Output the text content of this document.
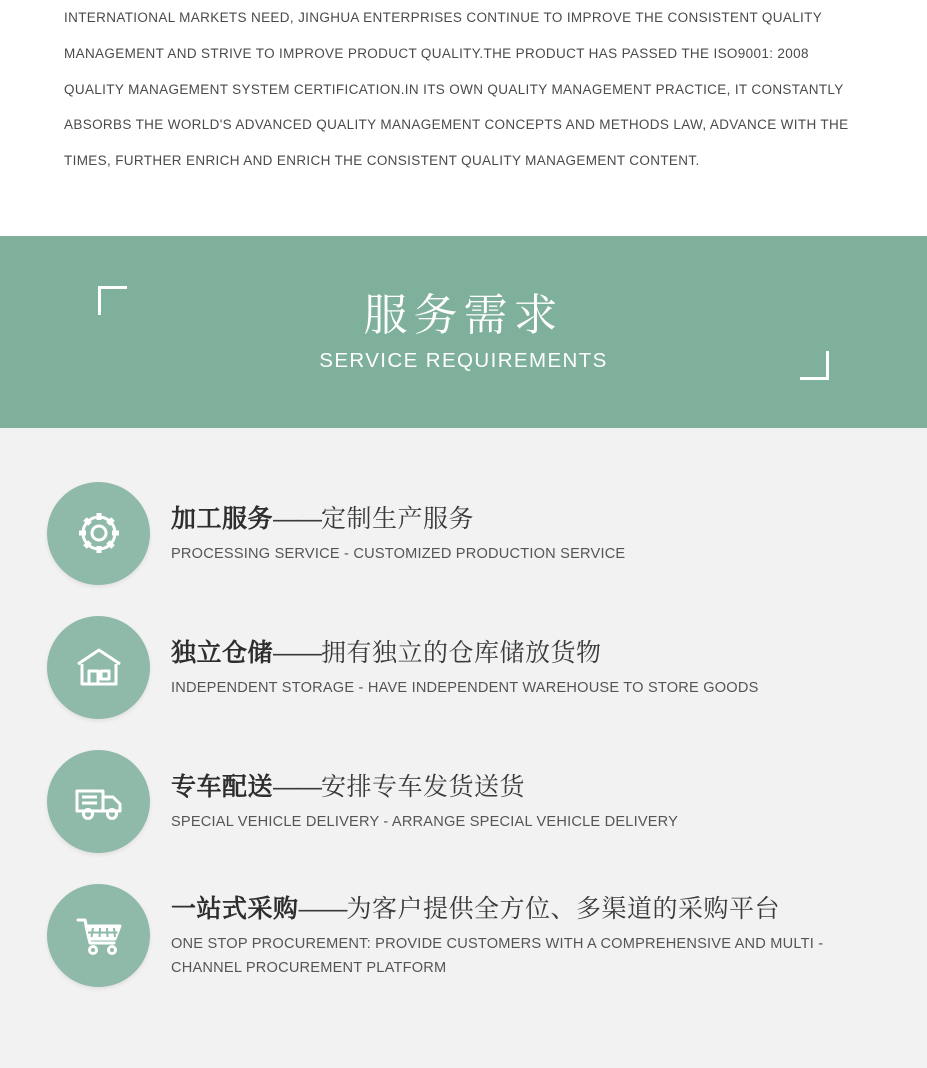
INTERNATIONAL MARKETS NEED, JINGHUA ENTERPRISES CONTINUE TO IMPROVE THE CONSISTENT QUALITY MANAGEMENT AND STRIVE TO IMPROVE PRODUCT QUALITY.THE PRODUCT HAS PASSED THE ISO9001: 2008 QUALITY MANAGEMENT SYSTEM CERTIFICATION.IN ITS OWN QUALITY MANAGEMENT PRACTICE, IT CONSTANTLY ABSORBS THE WORLD'S ADVANCED QUALITY MANAGEMENT CONCEPTS AND METHODS LAW, ADVANCE WITH THE TIMES, FURTHER ENRICH AND ENRICH THE CONSISTENT QUALITY MANAGEMENT CONTENT.

服务需求
SERVICE REQUIREMENTS
加工服务——定制生产服务
PROCESSING SERVICE - CUSTOMIZED PRODUCTION SERVICE
独立仓储——拥有独立的仓库储放货物
INDEPENDENT STORAGE - HAVE INDEPENDENT WAREHOUSE TO STORE GOODS
专车配送——安排专车发货送货
SPECIAL VEHICLE DELIVERY - ARRANGE SPECIAL VEHICLE DELIVERY
一站式采购——为客户提供全方位、多渠道的采购平台
ONE STOP PROCUREMENT: PROVIDE CUSTOMERS WITH A COMPREHENSIVE AND MULTI -CHANNEL PROCUREMENT PLATFORM
